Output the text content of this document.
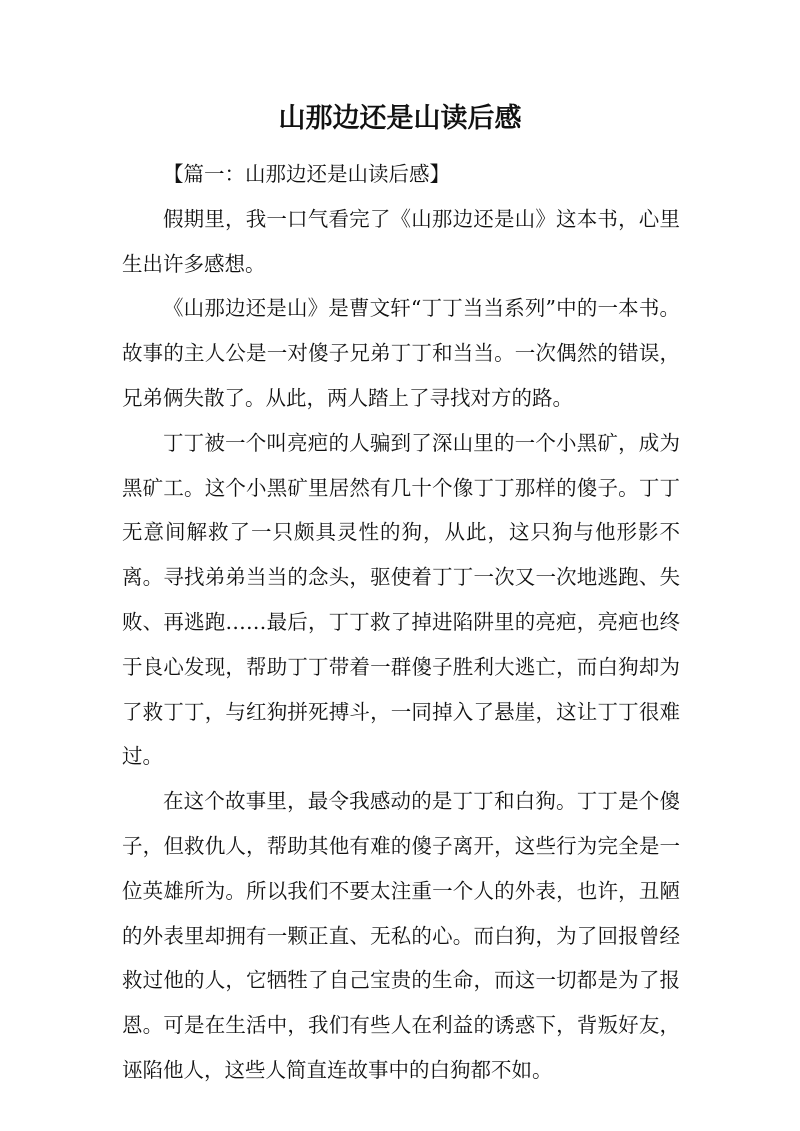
山那边还是山读后感

【篇一：山那边还是山读后感】

假期里，我一口气看完了《山那边还是山》这本书，心里生出许多感想。

《山那边还是山》是曹文轩“丁丁当当系列”中的一本书。故事的主人公是一对傻子兄弟丁丁和当当。一次偶然的错误，兄弟俩失散了。从此，两人踏上了寻找对方的路。

丁丁被一个叫亮疤的人骗到了深山里的一个小黑矿，成为黑矿工。这个小黑矿里居然有几十个像丁丁那样的傻子。丁丁无意间解救了一只颇具灵性的狗，从此，这只狗与他形影不离。寻找弟弟当当的念头，驱使着丁丁一次又一次地逃跑、失败、再逃跑……最后，丁丁救了掉进陷阱里的亮疤，亮疤也终于良心发现，帮助丁丁带着一群傻子胜利大逃亡，而白狗却为了救丁丁，与红狗拼死搏斗，一同掉入了悬崖，这让丁丁很难过。

在这个故事里，最令我感动的是丁丁和白狗。丁丁是个傻子，但救仇人，帮助其他有难的傻子离开，这些行为完全是一位英雄所为。所以我们不要太注重一个人的外表，也许，丑陋的外表里却拥有一颗正直、无私的心。而白狗，为了回报曾经救过他的人，它牺牲了自己宝贵的生命，而这一切都是为了报恩。可是在生活中，我们有些人在利益的诱惑下，背叛好友，诬陷他人，这些人简直连故事中的白狗都不如。
